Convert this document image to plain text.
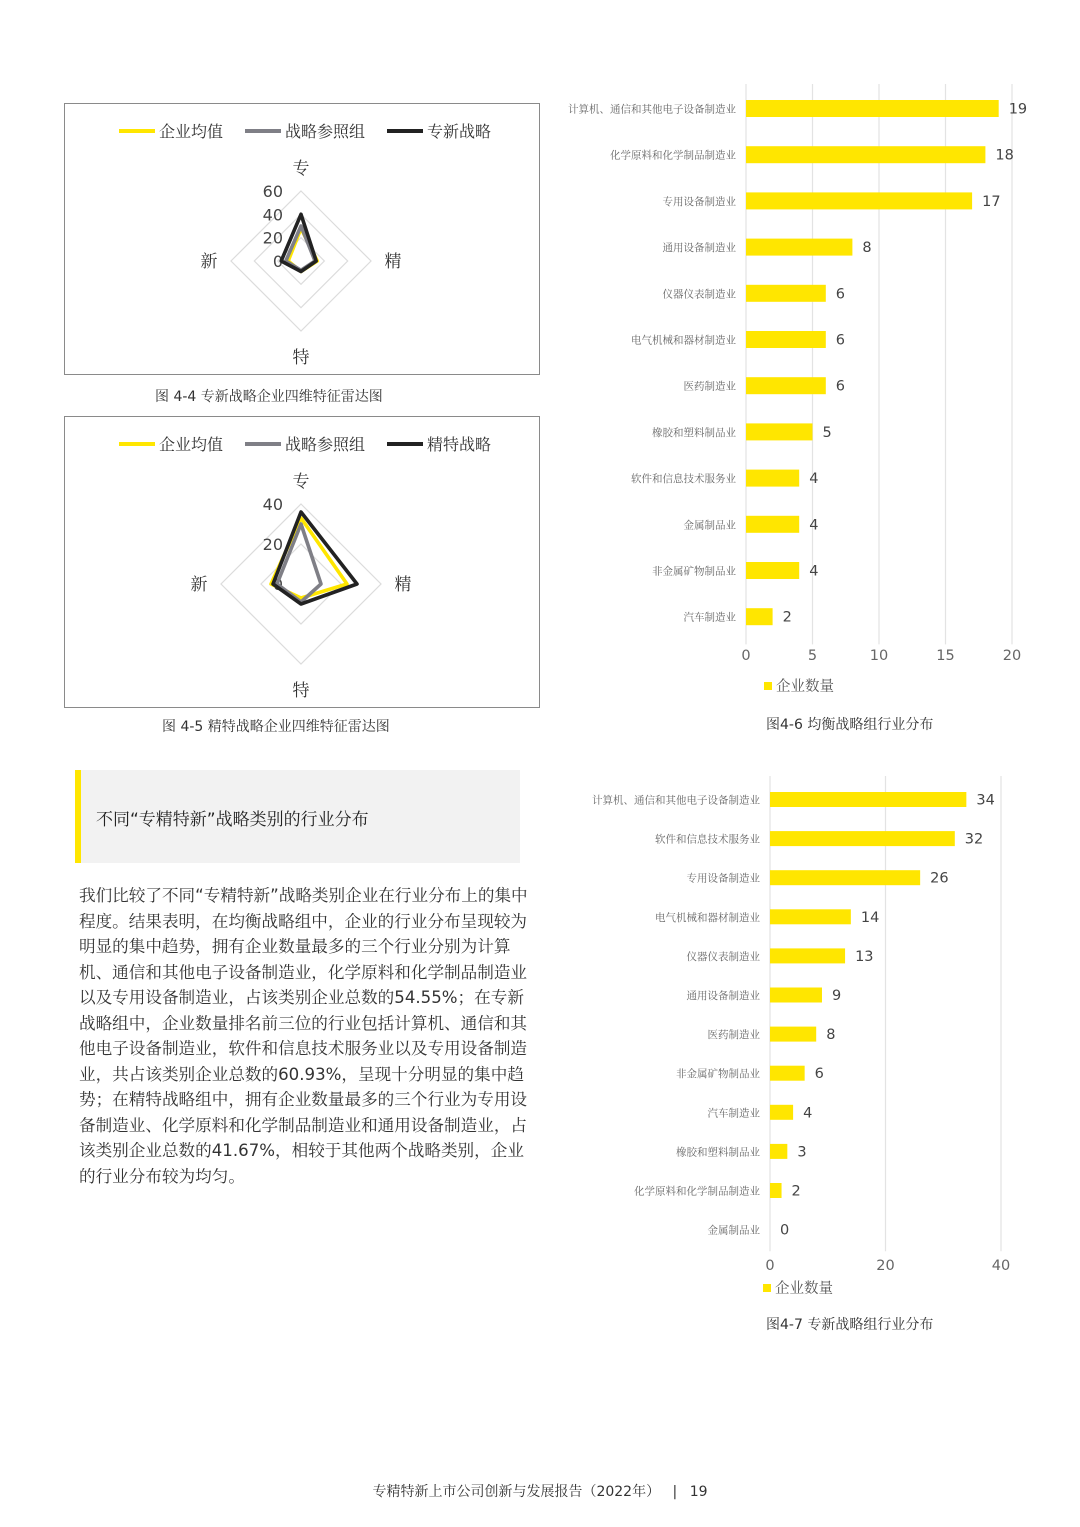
企业均值	战略参照组	专新战略
专
精
特
新
60
40
20
0
图 4-4 专新战略企业四维特征雷达图
企业均值	战略参照组	精特战略
专
精
特
新
40
20
0
图 4-5 精特战略企业四维特征雷达图
0	5	10	15	20
计算机、通信和其他电子设备制造业	19
化学原料和化学制品制造业	18
专用设备制造业	17
通用设备制造业	8
仪器仪表制造业	6
电气机械和器材制造业	6
医药制造业	6
橡胶和塑料制品业	5
软件和信息技术服务业	4
金属制品业	4
非金属矿物制品业	4
汽车制造业	2
企业数量
图4-6 均衡战略组行业分布
不同“专精特新”战略类别的行业分布

我们比较了不同“专精特新”战略类别企业在行业分布上的集中程度。结果表明，在均衡战略组中，企业的行业分布呈现较为明显的集中趋势，拥有企业数量最多的三个行业分别为计算机、通信和其他电子设备制造业，化学原料和化学制品制造业以及专用设备制造业，占该类别企业总数的54.55%；在专新战略组中，企业数量排名前三位的行业包括计算机、通信和其他电子设备制造业，软件和信息技术服务业以及专用设备制造业，共占该类别企业总数的60.93%，呈现十分明显的集中趋势；在精特战略组中，拥有企业数量最多的三个行业为专用设备制造业、化学原料和化学制品制造业和通用设备制造业，占该类别企业总数的41.67%，相较于其他两个战略类别，企业的行业分布较为均匀。

0	20	40
计算机、通信和其他电子设备制造业	34
软件和信息技术服务业	32
专用设备制造业	26
电气机械和器材制造业	14
仪器仪表制造业	13
通用设备制造业	9
医药制造业	8
非金属矿物制品业	6
汽车制造业	4
橡胶和塑料制品业	3
化学原料和化学制品制造业 2
金属制品业 0
企业数量
图4-7 专新战略组行业分布
专精特新上市公司创新与发展报告（2022年） | 19
